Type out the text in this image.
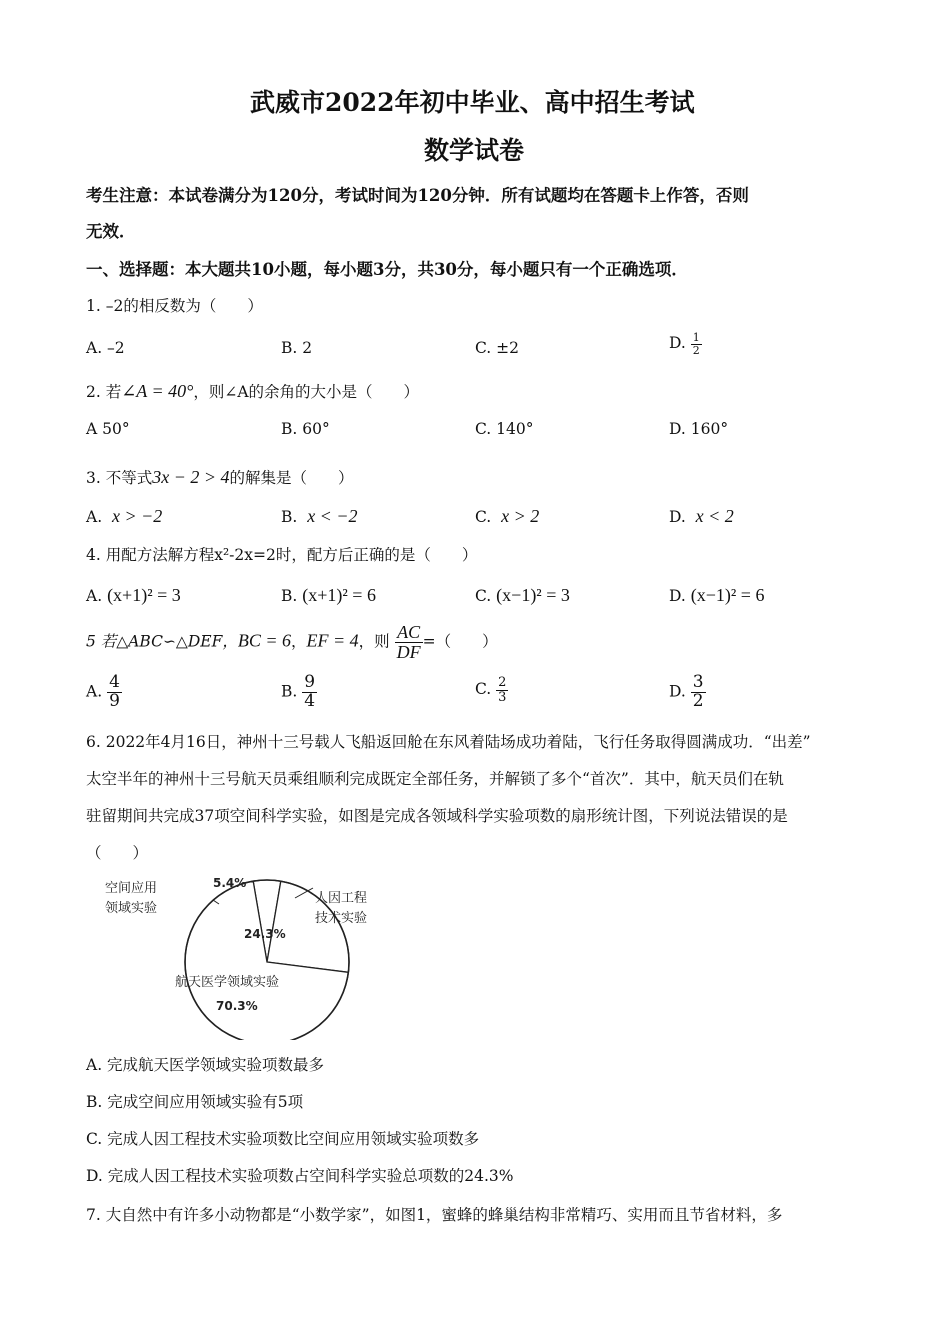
武威市2022年初中毕业、高中招生考试
数学试卷
考生注意：本试卷满分为120分，考试时间为120分钟．所有试题均在答题卡上作答，否则
无效．
一、选择题：本大题共10小题，每小题3分，共30分，每小题只有一个正确选项．
1. –2的相反数为（　　）
A. –2	B. 2	C. ±2	D. $\frac{1}{2}$
2. 若∠A = 40°，则∠A的余角的大小是（　　）
A 50°	B. 60°	C. 140°	D. 160°
3. 不等式3x − 2 > 4的解集是（　　）
A. x > −2	B. x < −2	C. x > 2	D. x < 2
4. 用配方法解方程x²-2x=2时，配方后正确的是（　　）
A. (x+1)² = 3	B. (x+1)² = 6	C. (x−1)² = 3	D. (x−1)² = 6
5 若△ABC∽△DEF，BC = 6，EF = 4，则 $\frac{AC}{DF}$ =（　　）
A. $\frac{4}{9}$	B. $\frac{9}{4}$	C. $\frac{2}{3}$	D. $\frac{3}{2}$
6. 2022年4月16日，神州十三号载人飞船返回舱在东风着陆场成功着陆，飞行任务取得圆满成功．“出差”
太空半年的神州十三号航天员乘组顺利完成既定全部任务，并解锁了多个“首次”．其中，航天员们在轨
驻留期间共完成37项空间科学实验，如图是完成各领域科学实验项数的扇形统计图，下列说法错误的是
（　　）
空间应用
领域实验
5.4%
人因工程
技术实验
24.3%
航天医学领域实验
70.3%
A. 完成航天医学领域实验项数最多
B. 完成空间应用领域实验有5项
C. 完成人因工程技术实验项数比空间应用领域实验项数多
D. 完成人因工程技术实验项数占空间科学实验总项数的24.3%
7. 大自然中有许多小动物都是“小数学家”，如图1，蜜蜂的蜂巢结构非常精巧、实用而且节省材料，多
